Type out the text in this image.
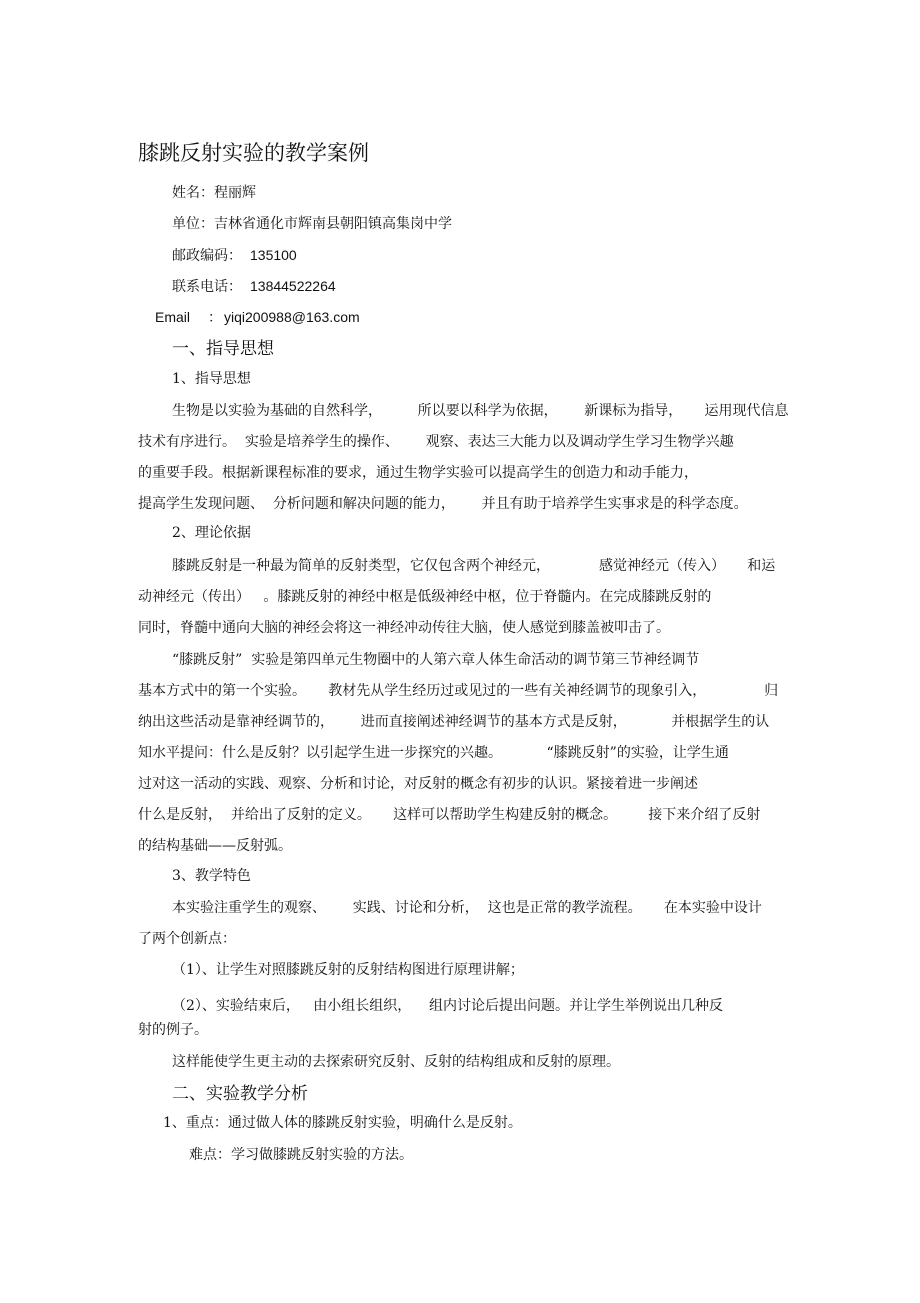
膝跳反射实验的教学案例
姓名：程丽辉
单位：吉林省通化市辉南县朝阳镇高集岗中学
邮政编码： 135100
联系电话： 13844522264
Email ： yiqi200988@163.com
一、指导思想
1、指导思想
生物是以实验为基础的自然科学，        所以要以科学为依据，      新课标为指导，     运用现代信息
技术有序进行。  实验是培养学生的操作、      观察、表达三大能力以及调动学生学习生物学兴趣
的重要手段。根据新课程标准的要求，通过生物学实验可以提高学生的创造力和动手能力，
提高学生发现问题、  分析问题和解决问题的能力，      并且有助于培养学生实事求是的科学态度。
2、理论依据
膝跳反射是一种最为简单的反射类型，它仅包含两个神经元，           感觉神经元（传入）     和运
动神经元（传出）   。膝跳反射的神经中枢是低级神经中枢，位于脊髓内。在完成膝跳反射的
同时，脊髓中通向大脑的神经会将这一神经冲动传往大脑，使人感觉到膝盖被叩击了。
“膝跳反射”  实验是第四单元生物圈中的人第六章人体生命活动的调节第三节神经调节
基本方式中的第一个实验。     教材先从学生经历过或见过的一些有关神经调节的现象引入，             归
纳出这些活动是靠神经调节的，      进而直接阐述神经调节的基本方式是反射，          并根据学生的认
知水平提问：什么是反射？以引起学生进一步探究的兴趣。          “膝跳反射”的实验，让学生通
过对这一活动的实践、观察、分析和讨论，对反射的概念有初步的认识。紧接着进一步阐述
什么是反射，  并给出了反射的定义。     这样可以帮助学生构建反射的概念。       接下来介绍了反射
的结构基础——反射弧。
3、教学特色
本实验注重学生的观察、      实践、讨论和分析，  这也是正常的教学流程。     在本实验中设计
了两个创新点：
（1）、让学生对照膝跳反射的反射结构图进行原理讲解；
（2）、实验结束后，   由小组长组织，    组内讨论后提出问题。并让学生举例说出几种反
射的例子。
这样能使学生更主动的去探索研究反射、反射的结构组成和反射的原理。
二、实验教学分析
1、重点：通过做人体的膝跳反射实验，明确什么是反射。
难点：学习做膝跳反射实验的方法。
